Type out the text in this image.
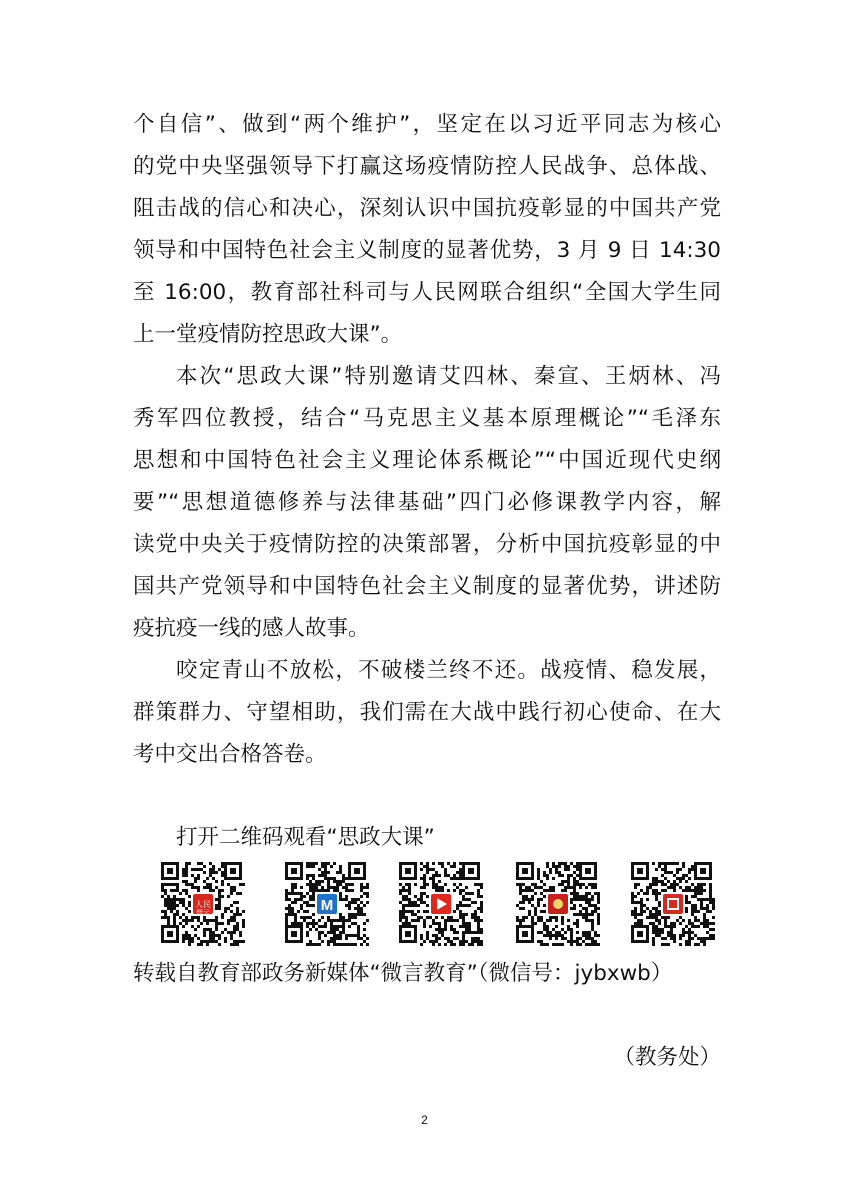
个自信”、做到“两个维护”，坚定在以习近平同志为核心
的党中央坚强领导下打赢这场疫情防控人民战争、总体战、
阻击战的信心和决心，深刻认识中国抗疫彰显的中国共产党
领导和中国特色社会主义制度的显著优势，3 月 9 日 14:30
至 16:00，教育部社科司与人民网联合组织“全国大学生同
上一堂疫情防控思政大课”。
本次“思政大课”特别邀请艾四林、秦宣、王炳林、冯
秀军四位教授，结合“马克思主义基本原理概论”“毛泽东
思想和中国特色社会主义理论体系概论”“中国近现代史纲
要”“思想道德修养与法律基础”四门必修课教学内容，解
读党中央关于疫情防控的决策部署，分析中国抗疫彰显的中
国共产党领导和中国特色社会主义制度的显著优势，讲述防
疫抗疫一线的感人故事。
咬定青山不放松，不破楼兰终不还。战疫情、稳发展，
群策群力、守望相助，我们需在大战中践行初心使命、在大
考中交出合格答卷。
打开二维码观看“思政大课”
人民
智云	M
转载自教育部政务新媒体“微言教育”（微信号：jybxwb）
（教务处）
2
